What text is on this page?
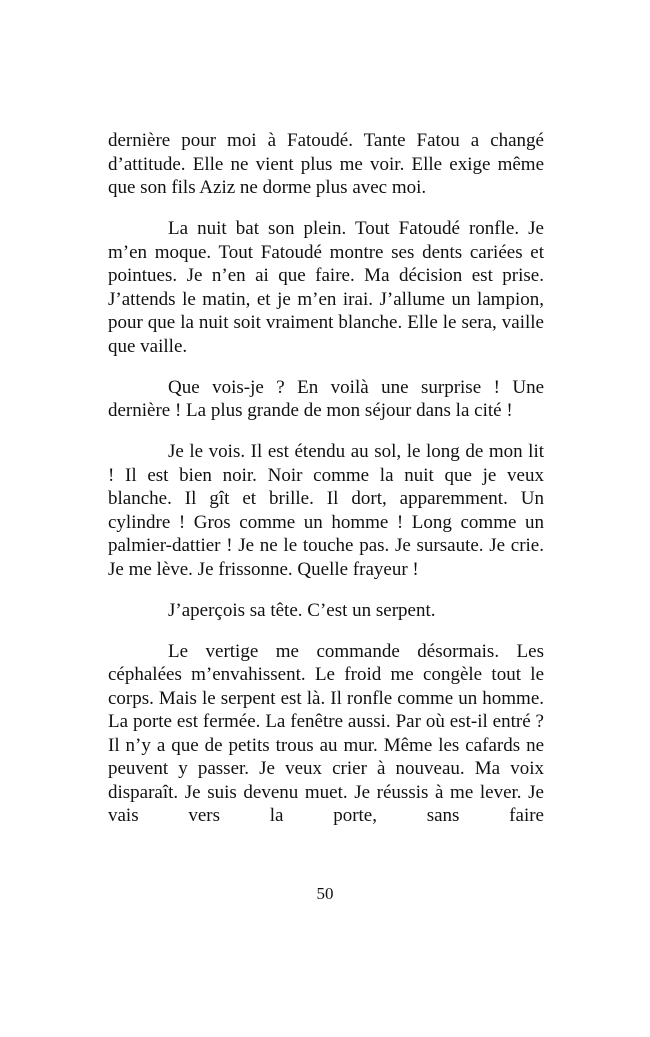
dernière pour moi à Fatoudé. Tante Fatou a changé d’attitude. Elle ne vient plus me voir. Elle exige même que son fils Aziz ne dorme plus avec moi.

La nuit bat son plein. Tout Fatoudé ronfle. Je m’en moque. Tout Fatoudé montre ses dents cariées et pointues. Je n’en ai que faire. Ma décision est prise. J’attends le matin, et je m’en irai. J’allume un lampion, pour que la nuit soit vraiment blanche. Elle le sera, vaille que vaille.

Que vois-je ? En voilà une surprise ! Une dernière ! La plus grande de mon séjour dans la cité !

Je le vois. Il est étendu au sol, le long de mon lit ! Il est bien noir. Noir comme la nuit que je veux blanche. Il gît et brille. Il dort, apparemment. Un cylindre ! Gros comme un homme ! Long comme un palmier-dattier ! Je ne le touche pas. Je sursaute. Je crie. Je me lève. Je frissonne. Quelle frayeur !

J’aperçois sa tête. C’est un serpent.

Le vertige me commande désormais. Les céphalées m’envahissent. Le froid me congèle tout le corps. Mais le serpent est là. Il ronfle comme un homme. La porte est fermée. La fenêtre aussi. Par où est-il entré ? Il n’y a que de petits trous au mur. Même les cafards ne peuvent y passer. Je veux crier à nouveau. Ma voix disparaît. Je suis devenu muet. Je réussis à me lever. Je vais vers la porte, sans faire

50
